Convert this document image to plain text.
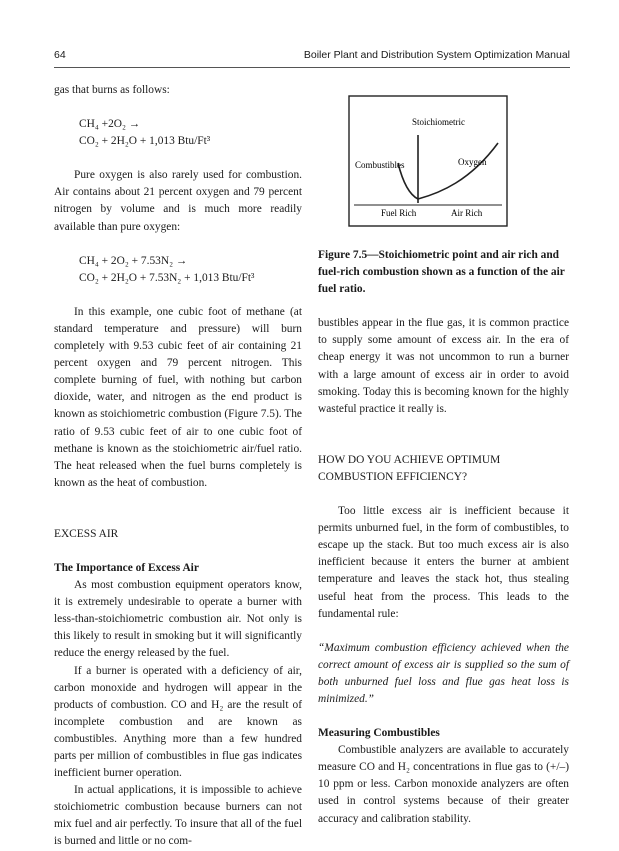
64	Boiler Plant and Distribution System Optimization Manual

gas that burns as follows:

CH₄ +2O₂ →

CO₂ + 2H₂O + 1,013 Btu/Ft³

Pure oxygen is also rarely used for combustion. Air contains about 21 percent oxygen and 79 percent nitrogen by volume and is much more readily available than pure oxygen:

CH₄ + 2O₂ + 7.53N₂ →

CO₂ + 2H₂O + 7.53N₂ + 1,013 Btu/Ft³

In this example, one cubic foot of methane (at standard temperature and pressure) will burn completely with 9.53 cubic feet of air containing 21 percent oxygen and 79 percent nitrogen. This complete burning of fuel, with nothing but carbon dioxide, water, and nitrogen as the end product is known as stoichiometric combustion (Figure 7.5). The ratio of 9.53 cubic feet of air to one cubic foot of methane is known as the stoichiometric air/fuel ratio. The heat released when the fuel burns completely is known as the heat of combustion.

EXCESS AIR

The Importance of Excess Air

As most combustion equipment operators know, it is extremely undesirable to operate a burner with less-than-stoichiometric combustion air. Not only is this likely to result in smoking but it will significantly reduce the energy released by the fuel.

If a burner is operated with a deficiency of air, carbon monoxide and hydrogen will appear in the products of combustion. CO and H₂ are the result of incomplete combustion and are known as combustibles. Anything more than a few hundred parts per million of combustibles in flue gas indicates inefficient burner operation.

In actual applications, it is impossible to achieve stoichiometric combustion because burners can not mix fuel and air perfectly. To insure that all of the fuel is burned and little or no com-

Stoichiometric
Combustibles	Oxygen
Fuel Rich	Air Rich

Figure 7.5—Stoichiometric point and air rich and fuel-rich combustion shown as a function of the air fuel ratio.

bustibles appear in the flue gas, it is common practice to supply some amount of excess air. In the era of cheap energy it was not uncommon to run a burner with a large amount of excess air in order to avoid smoking. Today this is becoming known for the highly wasteful practice it really is.

HOW DO YOU ACHIEVE OPTIMUM COMBUSTION EFFICIENCY?

Too little excess air is inefficient because it permits unburned fuel, in the form of combustibles, to escape up the stack. But too much excess air is also inefficient because it enters the burner at ambient temperature and leaves the stack hot, thus stealing useful heat from the process. This leads to the fundamental rule:

“Maximum combustion efficiency achieved when the correct amount of excess air is supplied so the sum of both unburned fuel loss and flue gas heat loss is minimized.”

Measuring Combustibles

Combustible analyzers are available to accurately measure CO and H₂ concentrations in flue gas to (+/–) 10 ppm or less. Carbon monoxide analyzers are often used in control systems because of their greater accuracy and calibration stability.
